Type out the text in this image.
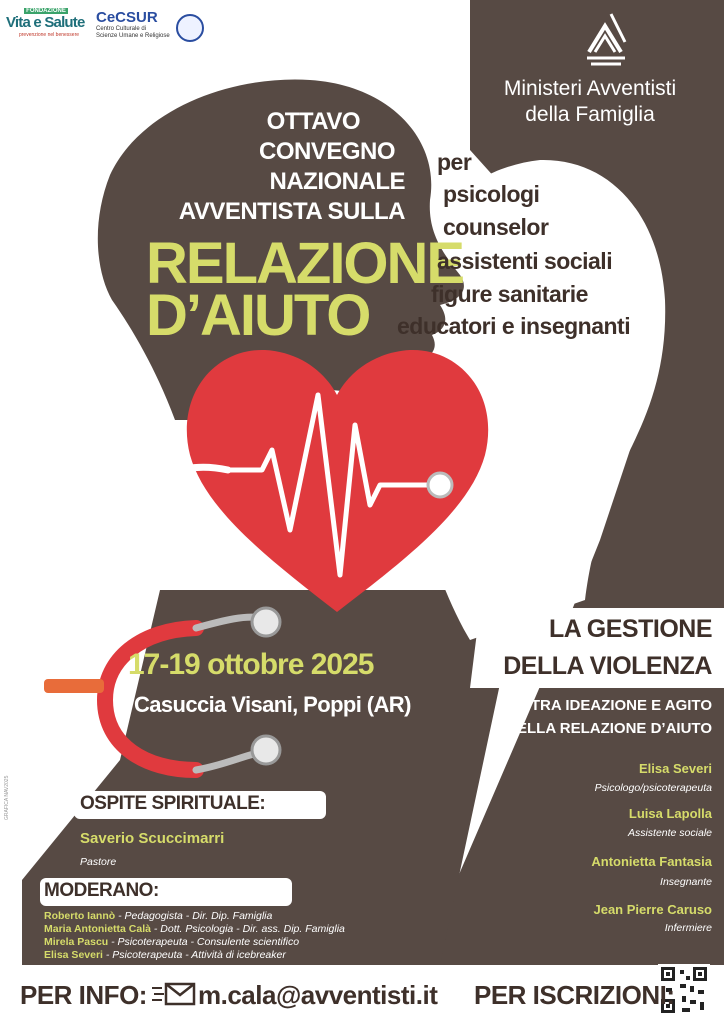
FONDAZIONE
Vita e Salute
prevenzione nel benessere
CeCSUR
Centro Culturale di
Scienze Umane e Religiose
Ministeri Avventisti
della Famiglia
OTTAVO
CONVEGNO
NAZIONALE
AVVENTISTA SULLA
RELAZIONE
D’AIUTO
per
psicologi
counselor
assistenti sociali
figure sanitarie
educatori e insegnanti
17-19 ottobre 2025
Casuccia Visani, Poppi (AR)
LA GESTIONE
DELLA VIOLENZA
TRA IDEAZIONE E AGITO
NELLA RELAZIONE D’AIUTO
Elisa Severi
Psicologo/psicoterapeuta
Luisa Lapolla
Assistente sociale
Antonietta Fantasia
Insegnante
Jean Pierre Caruso
Infermiere
OSPITE SPIRITUALE:
Saverio Scuccimarri
Pastore
MODERANO:
Roberto Iannò - Pedagogista - Dir. Dip. Famiglia
Maria Antonietta Calà - Dott. Psicologia - Dir. ass. Dip. Famiglia
Mirela Pascu - Psicoterapeuta - Consulente scientifico
Elisa Severi - Psicoterapeuta - Attività di icebreaker
GRAFICA NAV2025
PER INFO: m.cala@avventisti.it PER ISCRIZIONI:
